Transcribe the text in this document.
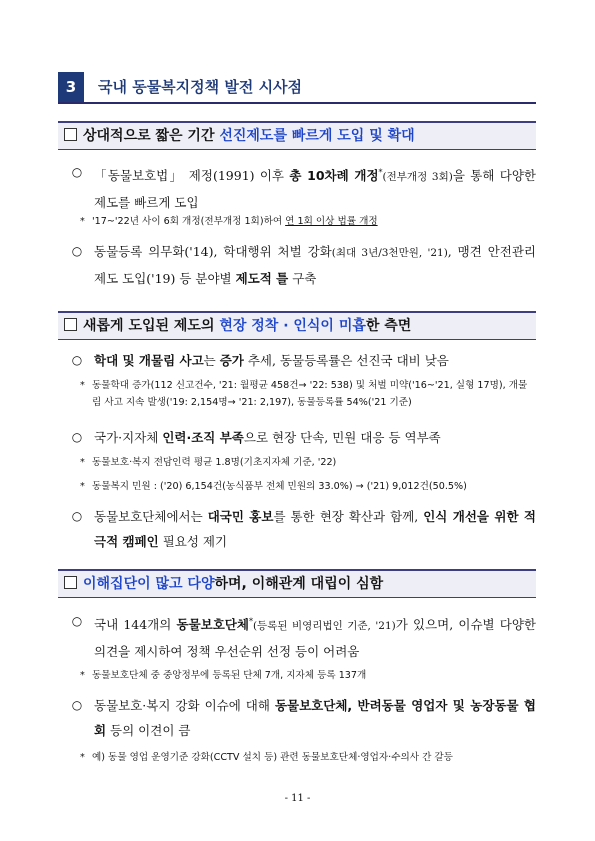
3	국내 동물복지정책 발전 시사점
상대적으로 짧은 기간 선진제도를 빠르게 도입 및 확대
○ 「동물보호법」 제정(1991) 이후 총 10차례 개정*(전부개정 3회)을 통해 다양한 제도를 빠르게 도입
* '17~'22년 사이 6회 개정(전부개정 1회)하여 연 1회 이상 법률 개정
○ 동물등록 의무화('14), 학대행위 처벌 강화(최대 3년/3천만원, '21), 맹견 안전관리 제도 도입('19) 등 분야별 제도적 틀 구축
새롭게 도입된 제도의 현장 정착 · 인식이 미흡한 측면
○ 학대 및 개물림 사고는 증가 추세, 동물등록률은 선진국 대비 낮음
* 동물학대 증가(112 신고건수, '21: 월평균 458건→ '22: 538) 및 처벌 미약('16~'21, 실형 17명), 개물림 사고 지속 발생('19: 2,154명→ '21: 2,197), 동물등록률 54%('21 기준)
○ 국가·지자체 인력·조직 부족으로 현장 단속, 민원 대응 등 역부족
* 동물보호·복지 전담인력 평균 1.8명(기초지자체 기준, '22)
* 동물복지 민원 : ('20) 6,154건(농식품부 전체 민원의 33.0%) → ('21) 9,012건(50.5%)
○ 동물보호단체에서는 대국민 홍보를 통한 현장 확산과 함께, 인식 개선을 위한 적극적 캠페인 필요성 제기
이해집단이 많고 다양하며, 이해관계 대립이 심함
○ 국내 144개의 동물보호단체*(등록된 비영리법인 기준, '21)가 있으며, 이슈별 다양한 의견을 제시하여 정책 우선순위 선정 등이 어려움
* 동물보호단체 중 중앙정부에 등록된 단체 7개, 지자체 등록 137개
○ 동물보호·복지 강화 이슈에 대해 동물보호단체, 반려동물 영업자 및 농장동물 협회 등의 이견이 큼
* 예) 동물 영업 운영기준 강화(CCTV 설치 등) 관련 동물보호단체·영업자·수의사 간 갈등
- 11 -
